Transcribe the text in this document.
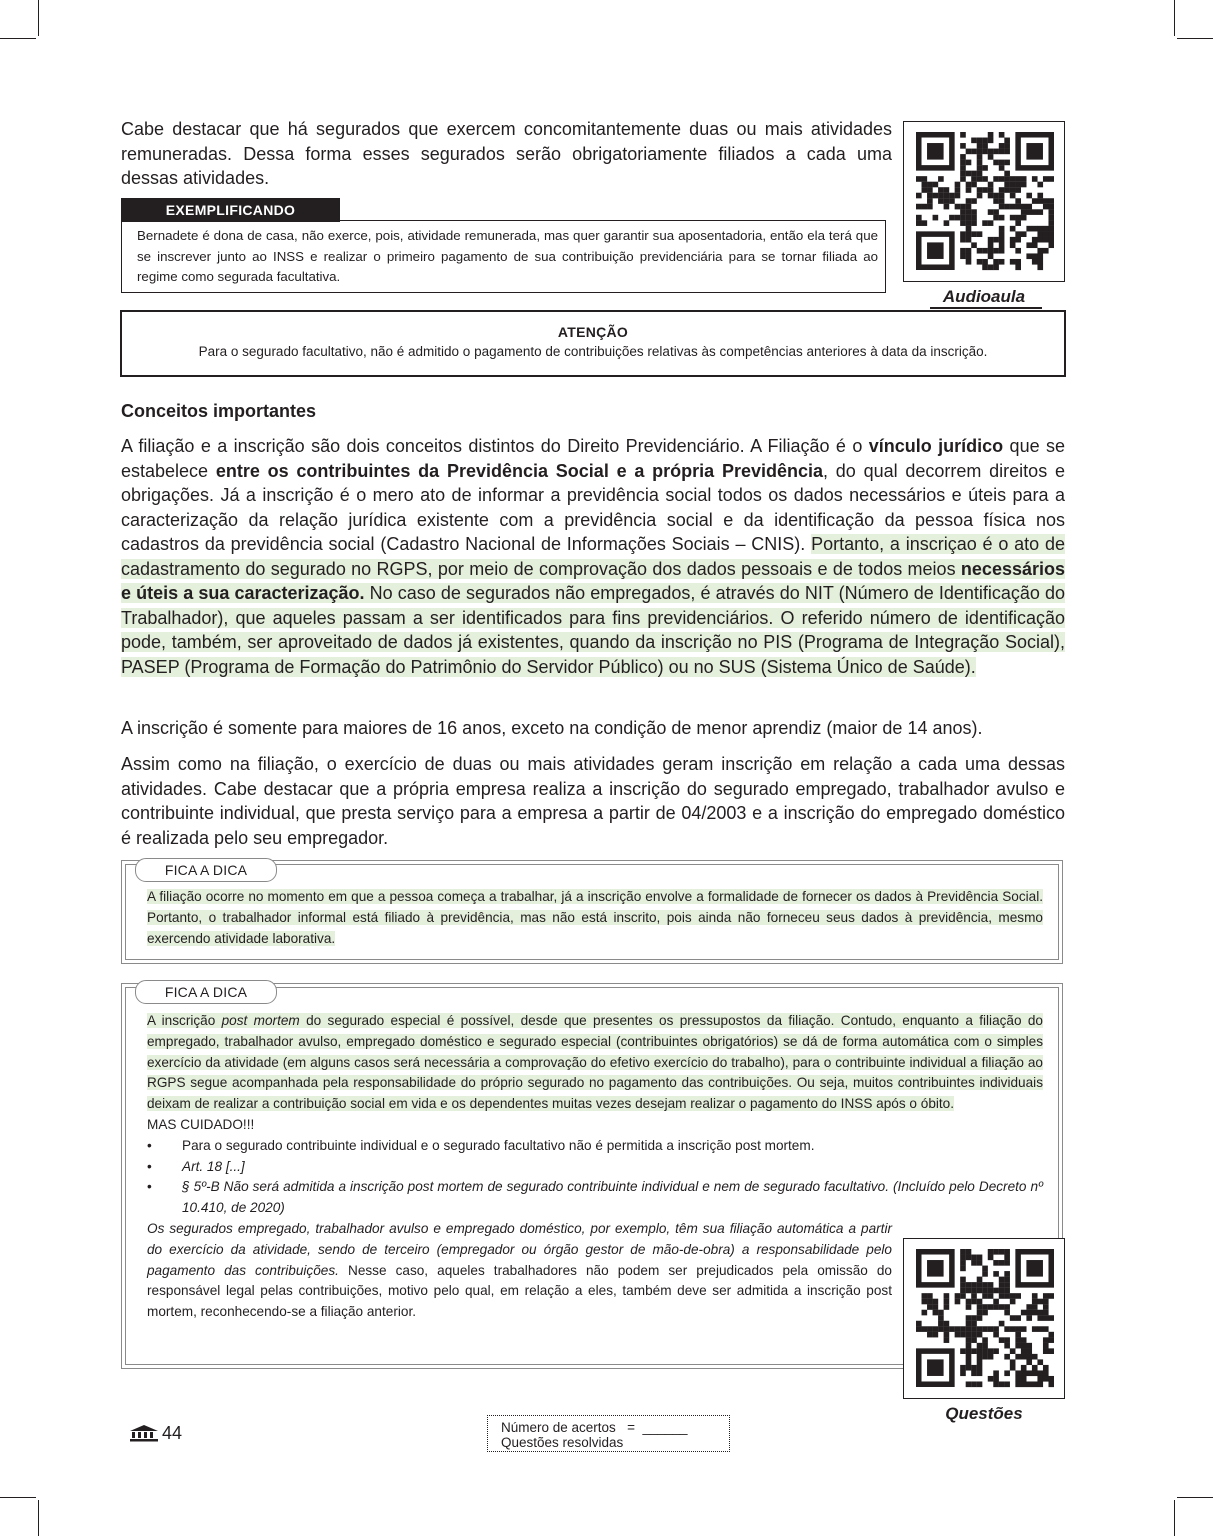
Cabe destacar que há segurados que exercem concomitantemente duas ou mais atividades remuneradas. Dessa forma esses segurados serão obrigatoriamente filiados a cada uma dessas atividades.

EXEMPLIFICANDO

Bernadete é dona de casa, não exerce, pois, atividade remunerada, mas quer garantir sua aposentadoria, então ela terá que se inscrever junto ao INSS e realizar o primeiro pagamento de sua contribuição previdenciária para se tornar filiada ao regime como segurada facultativa.

Audioaula
ATENÇÃO
Para o segurado facultativo, não é admitido o pagamento de contribuições relativas às competências anteriores à data da inscrição.
Conceitos importantes

A filiação e a inscrição são dois conceitos distintos do Direito Previdenciário. A Filiação é o vínculo jurídico que se estabelece entre os contribuintes da Previdência Social e a própria Previdência, do qual decorrem direitos e obrigações. Já a inscrição é o mero ato de informar a previdência social todos os dados necessários e úteis para a caracterização da relação jurídica existente com a previdência social e da identificação da pessoa física nos cadastros da previdência social (Cadastro Nacional de Informações Sociais – CNIS). Portanto, a inscriçao é o ato de cadastramento do segurado no RGPS, por meio de comprovação dos dados pessoais e de todos meios necessários e úteis a sua caracterização. No caso de segurados não empregados, é através do NIT (Número de Identificação do Trabalhador), que aqueles passam a ser identificados para fins previdenciários. O referido número de identificação pode, também, ser aproveitado de dados já existentes, quando da inscrição no PIS (Programa de Integração Social), PASEP (Programa de Formação do Patrimônio do Servidor Público) ou no SUS (Sistema Único de Saúde).

A inscrição é somente para maiores de 16 anos, exceto na condição de menor aprendiz (maior de 14 anos).

Assim como na filiação, o exercício de duas ou mais atividades geram inscrição em relação a cada uma dessas atividades. Cabe destacar que a própria empresa realiza a inscrição do segurado empregado, trabalhador avulso e contribuinte individual, que presta serviço para a empresa a partir de 04/2003 e a inscrição do empregado doméstico é realizada pelo seu empregador.

FICA A DICA

A filiação ocorre no momento em que a pessoa começa a trabalhar, já a inscrição envolve a formalidade de fornecer os dados à Previdência Social. Portanto, o trabalhador informal está filiado à previdência, mas não está inscrito, pois ainda não forneceu seus dados à previdência, mesmo exercendo atividade laborativa.

FICA A DICA

A inscrição post mortem do segurado especial é possível, desde que presentes os pressupostos da filiação. Contudo, enquanto a filiação do empregado, trabalhador avulso, empregado doméstico e segurado especial (contribuintes obrigatórios) se dá de forma automática com o simples exercício da atividade (em alguns casos será necessária a comprovação do efetivo exercício do trabalho), para o contribuinte individual a filiação ao RGPS segue acompanhada pela responsabilidade do próprio segurado no pagamento das contribuições. Ou seja, muitos contribuintes individuais deixam de realizar a contribuição social em vida e os dependentes muitas vezes desejam realizar o pagamento do INSS após o óbito.

MAS CUIDADO!!!

• Para o segurado contribuinte individual e o segurado facultativo não é permitida a inscrição post mortem.

• Art. 18 [...]

• § 5º-B Não será admitida a inscrição post mortem de segurado contribuinte individual e nem de segurado facultativo. (Incluído pelo Decreto nº 10.410, de 2020)

Os segurados empregado, trabalhador avulso e empregado doméstico, por exemplo, têm sua filiação automática a partir do exercício da atividade, sendo de terceiro (empregador ou órgão gestor de mão-de-obra) a responsabilidade pelo pagamento das contribuições. Nesse caso, aqueles trabalhadores não podem ser prejudicados pela omissão do responsável legal pelas contribuições, motivo pelo qual, em relação a eles, também deve ser admitida a inscrição post mortem, reconhecendo-se a filiação anterior.

Questões
44	Número de acertos = ______
Questões resolvidas
